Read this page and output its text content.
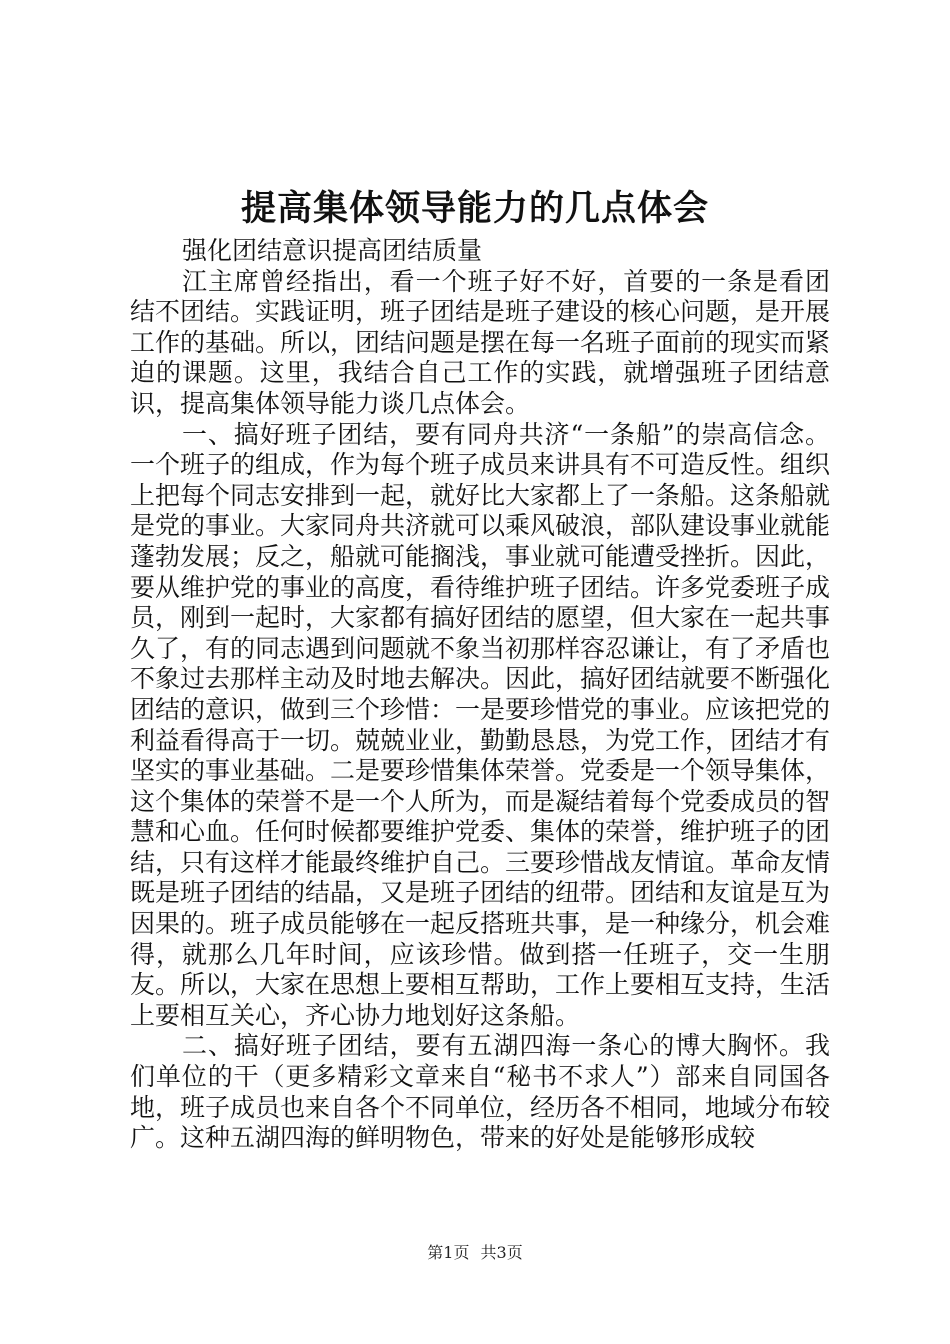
提高集体领导能力的几点体会

强化团结意识提高团结质量

江主席曾经指出，看一个班子好不好，首要的一条是看团结不团结。实践证明，班子团结是班子建设的核心问题，是开展工作的基础。所以，团结问题是摆在每一名班子面前的现实而紧迫的课题。这里，我结合自己工作的实践，就增强班子团结意识，提高集体领导能力谈几点体会。

一、搞好班子团结，要有同舟共济“一条船”的崇高信念。一个班子的组成，作为每个班子成员来讲具有不可造反性。组织上把每个同志安排到一起，就好比大家都上了一条船。这条船就是党的事业。大家同舟共济就可以乘风破浪，部队建设事业就能蓬勃发展；反之，船就可能搁浅，事业就可能遭受挫折。因此，要从维护党的事业的高度，看待维护班子团结。许多党委班子成员，刚到一起时，大家都有搞好团结的愿望，但大家在一起共事久了，有的同志遇到问题就不象当初那样容忍谦让，有了矛盾也不象过去那样主动及时地去解决。因此，搞好团结就要不断强化团结的意识，做到三个珍惜：一是要珍惜党的事业。应该把党的利益看得高于一切。兢兢业业，勤勤恳恳，为党工作，团结才有坚实的事业基础。二是要珍惜集体荣誉。党委是一个领导集体，这个集体的荣誉不是一个人所为，而是凝结着每个党委成员的智慧和心血。任何时候都要维护党委、集体的荣誉，维护班子的团结，只有这样才能最终维护自己。三要珍惜战友情谊。革命友情既是班子团结的结晶，又是班子团结的纽带。团结和友谊是互为因果的。班子成员能够在一起反搭班共事，是一种缘分，机会难得，就那么几年时间，应该珍惜。做到搭一任班子，交一生朋友。所以，大家在思想上要相互帮助，工作上要相互支持，生活上要相互关心，齐心协力地划好这条船。

二、搞好班子团结，要有五湖四海一条心的博大胸怀。我们单位的干（更多精彩文章来自“秘书不求人”）部来自同国各地，班子成员也来自各个不同单位，经历各不相同，地域分布较广。这种五湖四海的鲜明物色，带来的好处是能够形成较

第1页 共3页
